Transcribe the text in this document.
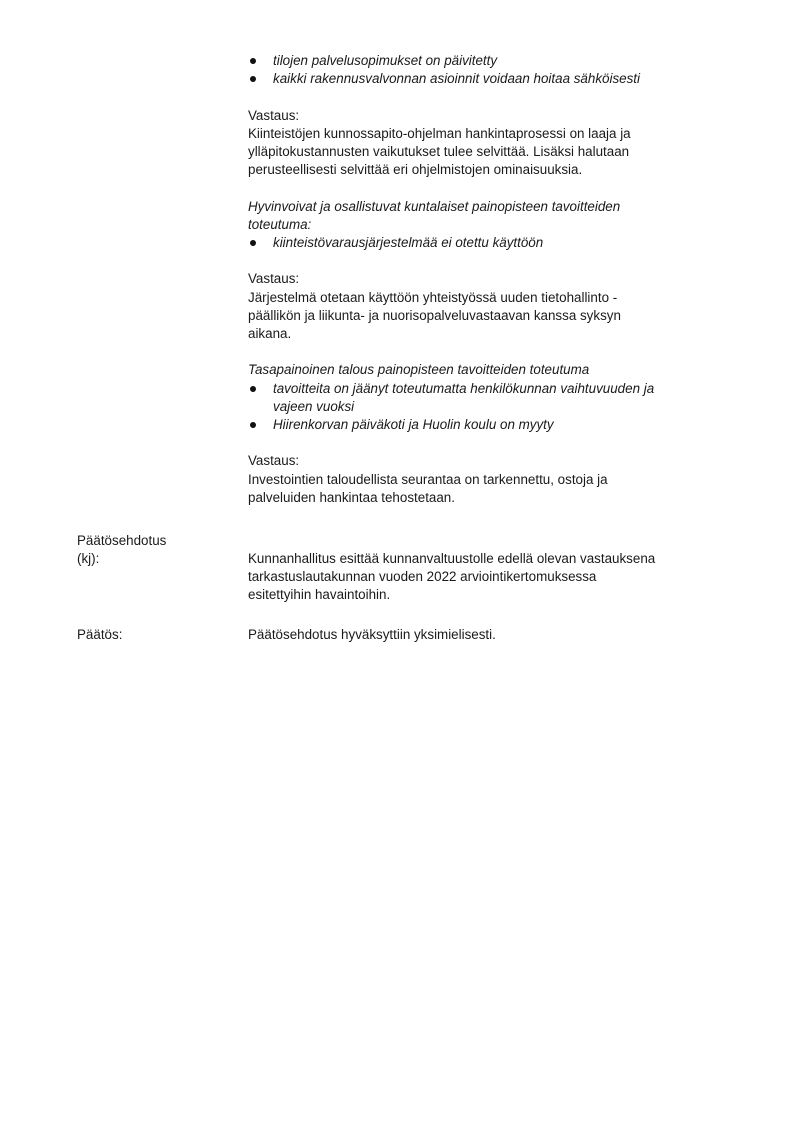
tilojen palvelusopimukset on päivitetty
kaikki rakennusvalvonnan asioinnit voidaan hoitaa sähköisesti
Vastaus:
Kiinteistöjen kunnossapito-ohjelman hankintaprosessi on laaja ja
ylläpitokustannusten vaikutukset tulee selvittää. Lisäksi halutaan
perusteellisesti selvittää eri ohjelmistojen ominaisuuksia.
Hyvinvoivat ja osallistuvat kuntalaiset painopisteen tavoitteiden
toteutuma:
kiinteistövarausjärjestelmää ei otettu käyttöön
Vastaus:
Järjestelmä otetaan käyttöön yhteistyössä uuden tietohallinto -
päällikön ja liikunta- ja nuorisopalveluvastaavan kanssa syksyn
aikana.
Tasapainoinen talous painopisteen tavoitteiden toteutuma
tavoitteita on jäänyt toteutumatta henkilökunnan vaihtuvuuden ja
vajeen vuoksi
Hiirenkorvan päiväkoti ja Huolin koulu on myyty
Vastaus:
Investointien taloudellista seurantaa on tarkennettu, ostoja ja
palveluiden hankintaa tehostetaan.
Päätösehdotus
(kj):	Kunnanhallitus esittää kunnanvaltuustolle edellä olevan vastauksena
tarkastuslautakunnan vuoden 2022 arviointikertomuksessa
esitettyihin havaintoihin.
Päätös:	Päätösehdotus hyväksyttiin yksimielisesti.
